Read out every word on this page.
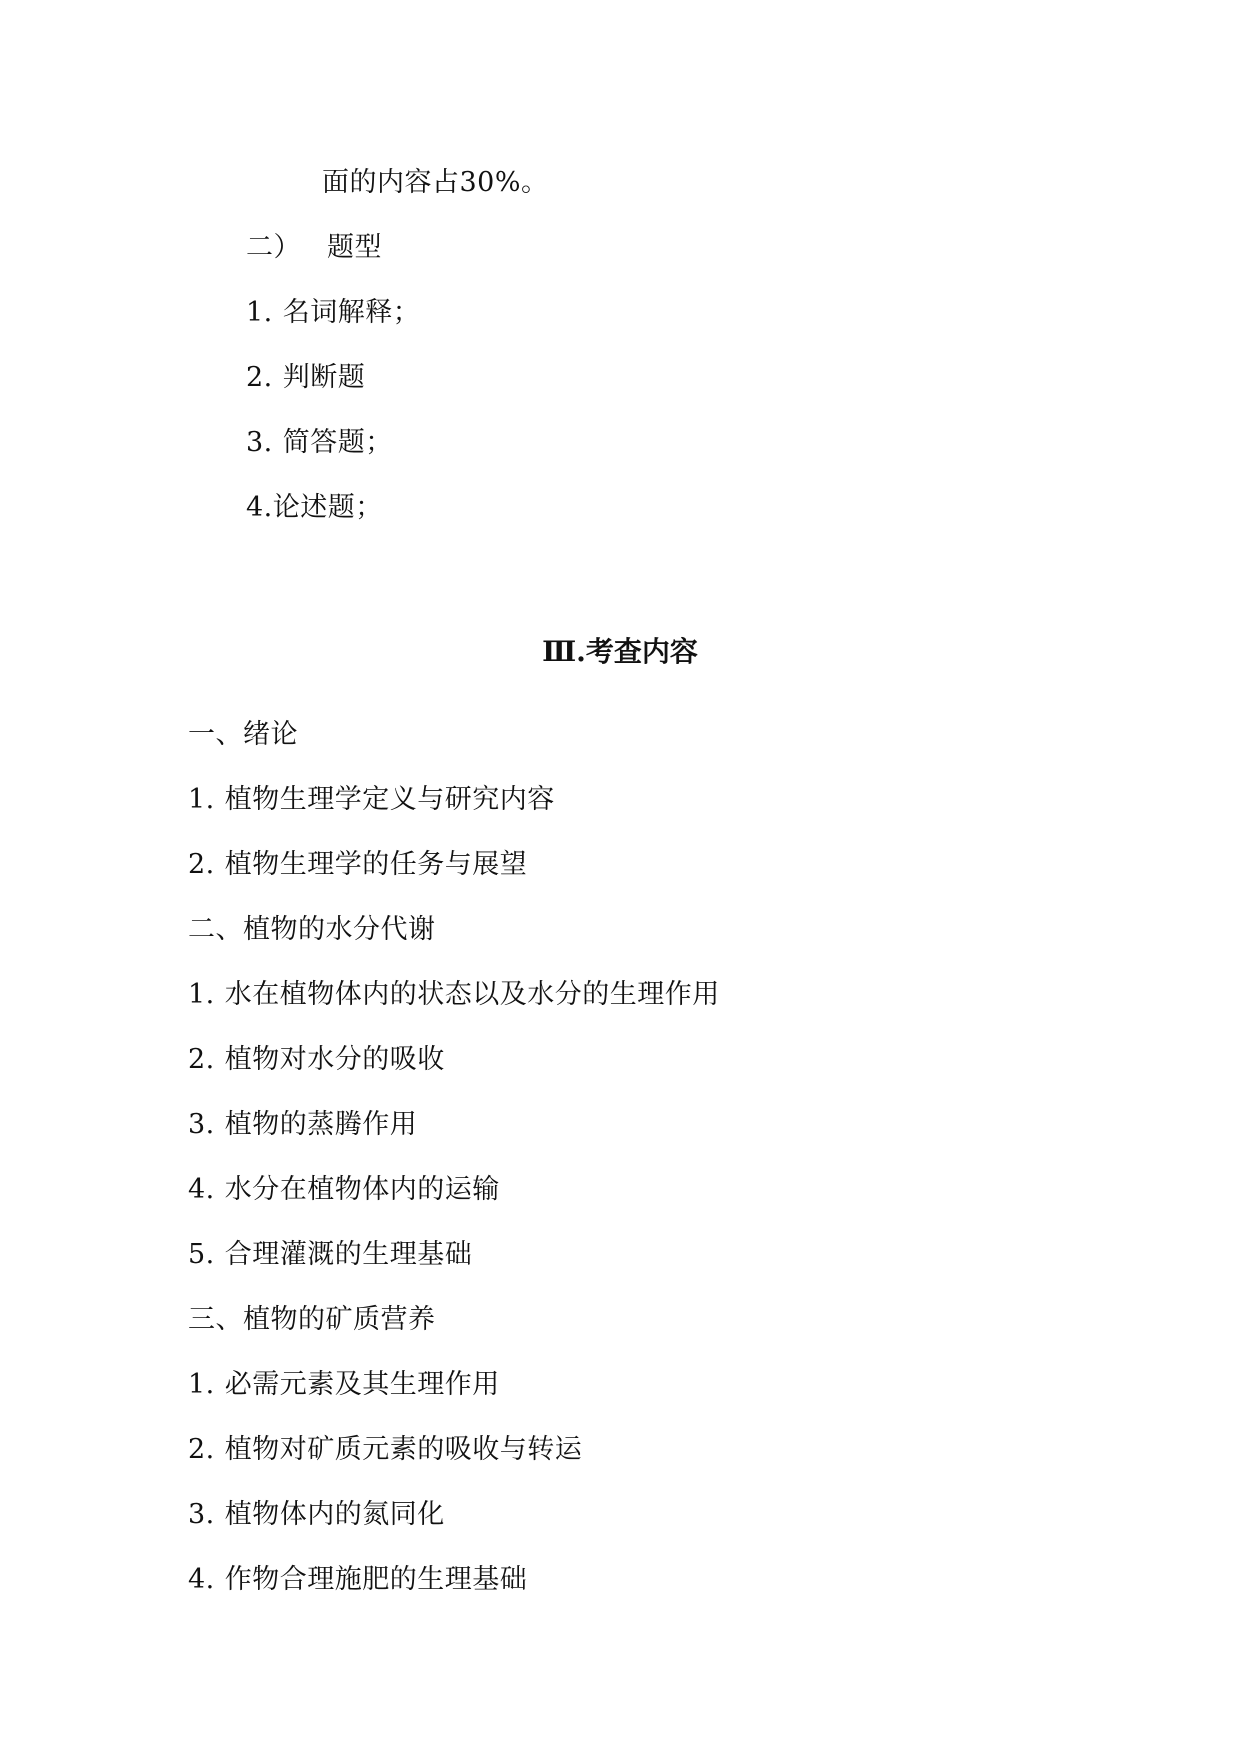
面的内容占30%。
二） 题型
1. 名词解释；
2. 判断题
3. 简答题；
4.论述题；
Ⅲ.考查内容
一、绪论
1. 植物生理学定义与研究内容
2. 植物生理学的任务与展望
二、植物的水分代谢
1. 水在植物体内的状态以及水分的生理作用
2. 植物对水分的吸收
3. 植物的蒸腾作用
4. 水分在植物体内的运输
5. 合理灌溉的生理基础
三、植物的矿质营养
1. 必需元素及其生理作用
2. 植物对矿质元素的吸收与转运
3. 植物体内的氮同化
4. 作物合理施肥的生理基础
